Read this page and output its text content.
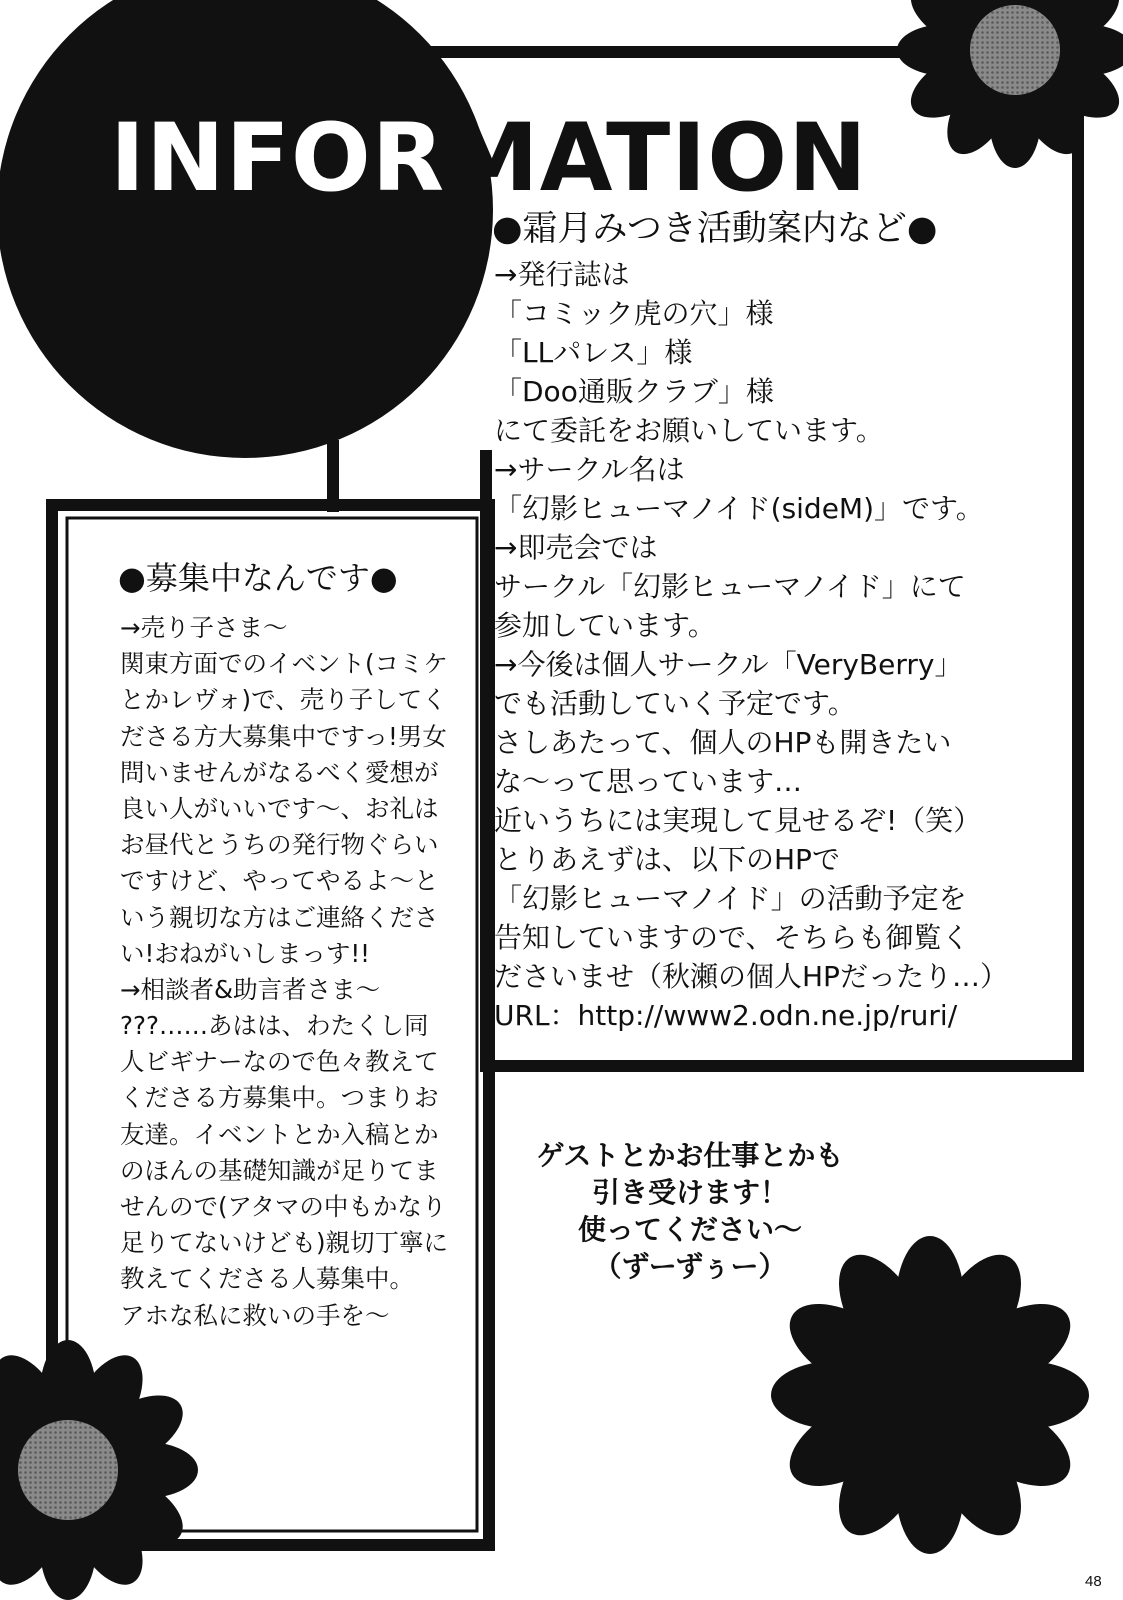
INFORMATION
●霜月みつき活動案内など●
→発行誌は
「コミック虎の穴」様
「LLパレス」様
「Doo通販クラブ」様
にて委託をお願いしています。
→サークル名は
「幻影ヒューマノイド(sideM)」です。
→即売会では
サークル「幻影ヒューマノイド」にて
参加しています。
→今後は個人サークル「VeryBerry」
でも活動していく予定です。
さしあたって、個人のHPも開きたい
な〜って思っています…
近いうちには実現して見せるぞ!（笑）
とりあえずは、以下のHPで
「幻影ヒューマノイド」の活動予定を
告知していますので、そちらも御覧く
ださいませ（秋瀬の個人HPだったり…）
URL：http://www2.odn.ne.jp/ruri/
●募集中なんです●
→売り子さま〜
関東方面でのイベント(コミケ
とかレヴォ)で、売り子してく
ださる方大募集中ですっ!男女
問いませんがなるべく愛想が
良い人がいいです〜、お礼は
お昼代とうちの発行物ぐらい
ですけど、やってやるよ〜と
いう親切な方はご連絡くださ
い!おねがいしまっす!!
→相談者&助言者さま〜
???……あはは、わたくし同
人ビギナーなので色々教えて
くださる方募集中。つまりお
友達。イベントとか入稿とか
のほんの基礎知識が足りてま
せんので(アタマの中もかなり
足りてないけども)親切丁寧に
教えてくださる人募集中。
アホな私に救いの手を〜
ゲストとかお仕事とかも
引き受けます！
使ってください〜
（ずーずぅー）
48
